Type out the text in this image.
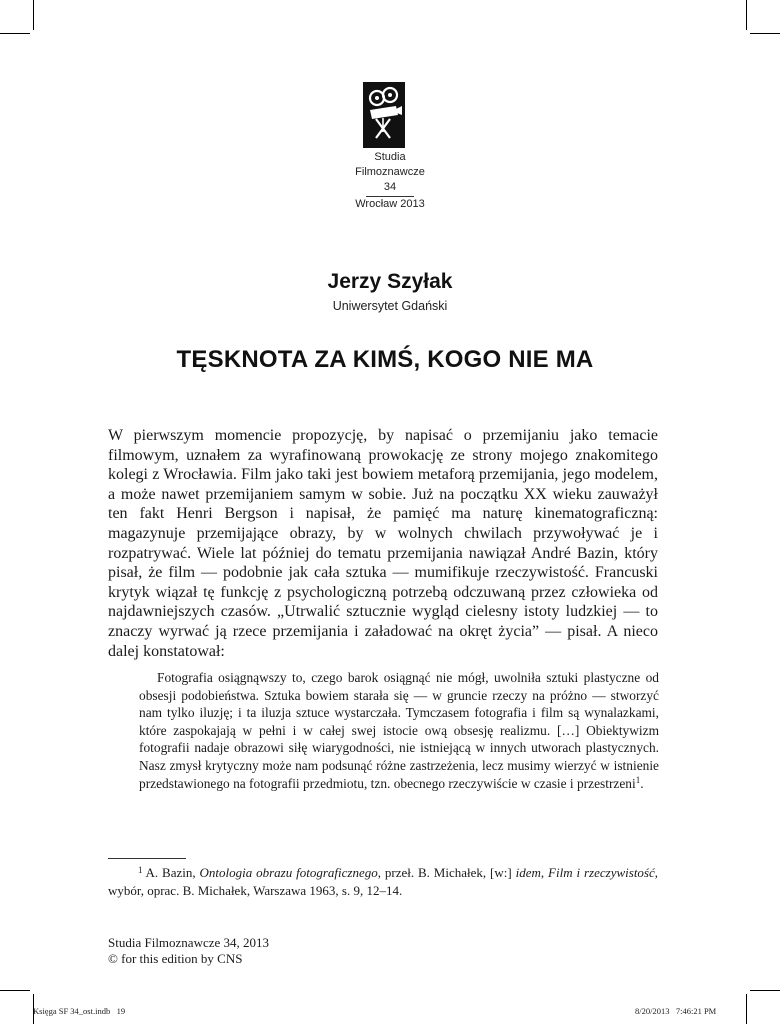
Studia
Filmoznawcze
34
Wrocław 2013
Jerzy Szyłak
Uniwersytet Gdański
TĘSKNOTA ZA KIMŚ, KOGO NIE MA

W pierwszym momencie propozycję, by napisać o przemijaniu jako temacie filmowym, uznałem za wyrafinowaną prowokację ze strony mojego znakomitego kolegi z Wrocławia. Film jako taki jest bowiem metaforą przemijania, jego modelem, a może nawet przemijaniem samym w sobie. Już na początku XX wieku zauważył ten fakt Henri Bergson i napisał, że pamięć ma naturę kinematograficzną: magazynuje przemijające obrazy, by w wolnych chwilach przywoływać je i rozpatrywać. Wiele lat później do tematu przemijania nawiązał André Bazin, który pisał, że film — podobnie jak cała sztuka — mumifikuje rzeczywistość. Francuski krytyk wiązał tę funkcję z psychologiczną potrzebą odczuwaną przez człowieka od najdawniejszych czasów. „Utrwalić sztucznie wygląd cielesny istoty ludzkiej — to znaczy wyrwać ją rzece przemijania i załadować na okręt życia” — pisał. A nieco dalej konstatował:

Fotografia osiągnąwszy to, czego barok osiągnąć nie mógł, uwolniła sztuki plastyczne od obsesji podobieństwa. Sztuka bowiem starała się — w gruncie rzeczy na próżno — stworzyć nam tylko iluzję; i ta iluzja sztuce wystarczała. Tymczasem fotografia i film są wynalazkami, które zaspokajają w pełni i w całej swej istocie ową obsesję realizmu. […] Obiektywizm fotografii nadaje obrazowi siłę wiarygodności, nie istniejącą w innych utworach plastycznych. Nasz zmysł krytyczny może nam podsunąć różne zastrzeżenia, lecz musimy wierzyć w istnienie przedstawionego na fotografii przedmiotu, tzn. obecnego rzeczywiście w czasie i przestrzeni$^1$.

$^1$ A. Bazin, Ontologia obrazu fotograficznego, przeł. B. Michałek, [w:] idem, Film i rzeczywistość, wybór, oprac. B. Michałek, Warszawa 1963, s. 9, 12–14.

Studia Filmoznawcze 34, 2013
© for this edition by CNS
Księga SF 34_ost.indb   19	8/20/2013   7:46:21 PM
